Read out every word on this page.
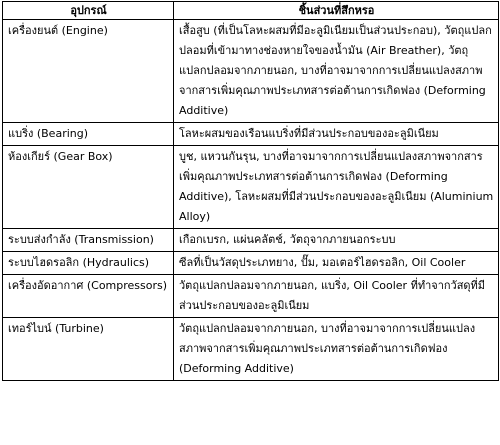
อุปกรณ์	ชิ้นส่วนที่สึกหรอ
เครื่องยนต์ (Engine)	เสื้อสูบ (ที่เป็นโลหะผสมที่มีอะลูมิเนียมเป็นส่วนประกอบ), วัตถุแปลกปลอมที่เข้ามาทางช่องหายใจของน้ำมัน (Air Breather), วัตถุแปลกปลอมจากภายนอก, บางที่อาจมาจากการเปลี่ยนแปลงสภาพจากสารเพิ่มคุณภาพประเภทสารต่อต้านการเกิดฟอง (Deforming Additive)
แบริ่ง (Bearing)	โลหะผสมของเรือนแบริ่งที่มีส่วนประกอบของอะลูมิเนียม
ห้องเกียร์ (Gear Box)	บูช, แหวนกันรุน, บางที่อาจมาจากการเปลี่ยนแปลงสภาพจากสารเพิ่มคุณภาพประเภทสารต่อต้านการเกิดฟอง (Deforming Additive), โลหะผสมที่มีส่วนประกอบของอะลูมิเนียม (Aluminium Alloy)
ระบบส่งกำลัง (Transmission)	เกือกเบรก, แผ่นคลัตช์, วัตถุจากภายนอกระบบ
ระบบไฮดรอลิก (Hydraulics)	ซีลที่เป็นวัสดุประเภทยาง, ปั๊ม, มอเตอร์ไฮดรอลิก, Oil Cooler
เครื่องอัดอากาศ (Compressors)	วัตถุแปลกปลอมจากภายนอก, แบริ่ง, Oil Cooler ที่ทำจากวัสดุที่มีส่วนประกอบของอะลูมิเนียม
เทอร์ไบน์ (Turbine)	วัตถุแปลกปลอมจากภายนอก, บางที่อาจมาจากการเปลี่ยนแปลงสภาพจากสารเพิ่มคุณภาพประเภทสารต่อต้านการเกิดฟอง (Deforming Additive)
